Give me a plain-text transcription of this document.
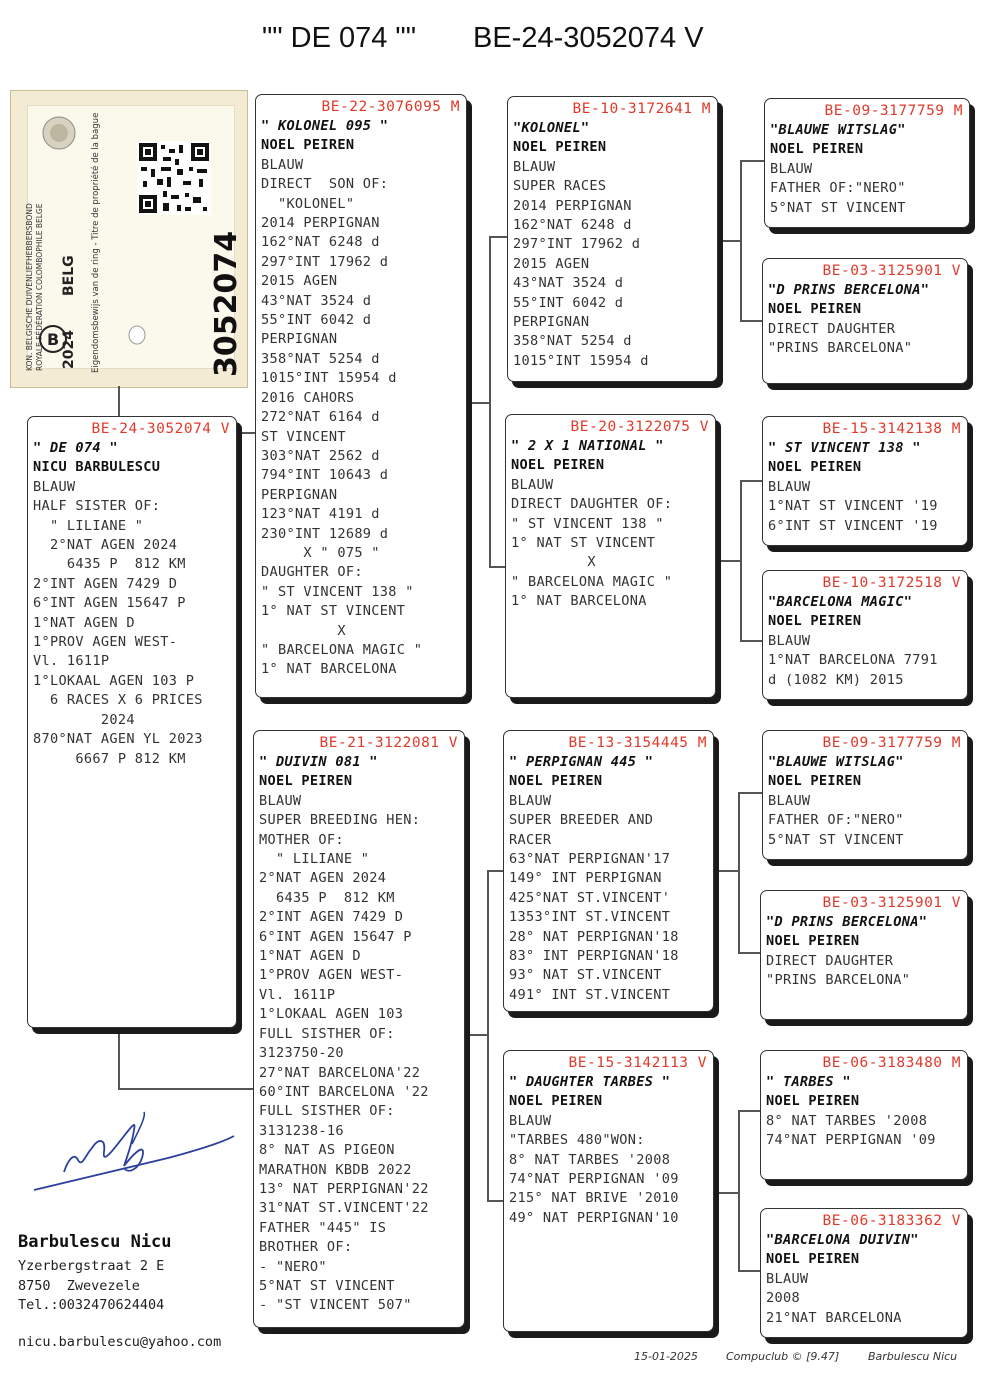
"" DE 074 "" BE-24-3052074 V
B	3052074
BELG
2024
KON. BELGISCHE DUIVENLIEFHEBBERSBOND ROYALE FÉDÉRATION COLOMBOPHILE BELGE	Eigendomsbewijs van de ring - Titre de propriété de la bague
BE-24-3052074 V
" DE 074 "
NICU BARBULESCU
BLAUW
HALF SISTER OF:
" LILIANE "
2°NAT AGEN 2024
6435 P  812 KM
2°INT AGEN 7429 D
6°INT AGEN 15647 P
1°NAT AGEN D
1°PROV AGEN WEST-
Vl. 1611P
1°LOKAAL AGEN 103 P
6 RACES X 6 PRICES
2024
870°NAT AGEN YL 2023
6667 P 812 KM
BE-22-3076095 M
" KOLONEL 095 "
NOEL PEIREN
BLAUW
DIRECT  SON OF:
"KOLONEL"
2014 PERPIGNAN
162°NAT 6248 d
297°INT 17962 d
2015 AGEN
43°NAT 3524 d
55°INT 6042 d
PERPIGNAN
358°NAT 5254 d
1015°INT 15954 d
2016 CAHORS
272°NAT 6164 d
ST VINCENT
303°NAT 2562 d
794°INT 10643 d
PERPIGNAN
123°NAT 4191 d
230°INT 12689 d
X " 075 "
DAUGHTER OF:
" ST VINCENT 138 "
1° NAT ST VINCENT
X
" BARCELONA MAGIC "
1° NAT BARCELONA
BE-21-3122081 V
" DUIVIN 081 "
NOEL PEIREN
BLAUW
SUPER BREEDING HEN:
MOTHER OF:
" LILIANE "
2°NAT AGEN 2024
6435 P  812 KM
2°INT AGEN 7429 D
6°INT AGEN 15647 P
1°NAT AGEN D
1°PROV AGEN WEST-
Vl. 1611P
1°LOKAAL AGEN 103
FULL SISTHER OF:
3123750-20
27°NAT BARCELONA'22
60°INT BARCELONA '22
FULL SISTHER OF:
3131238-16
8° NAT AS PIGEON
MARATHON KBDB 2022
13° NAT PERPIGNAN'22
31°NAT ST.VINCENT'22
FATHER "445" IS
BROTHER OF:
- "NERO"
5°NAT ST VINCENT
- "ST VINCENT 507"
BE-10-3172641 M
"KOLONEL"
NOEL PEIREN
BLAUW
SUPER RACES
2014 PERPIGNAN
162°NAT 6248 d
297°INT 17962 d
2015 AGEN
43°NAT 3524 d
55°INT 6042 d
PERPIGNAN
358°NAT 5254 d
1015°INT 15954 d
BE-20-3122075 V
" 2 X 1 NATIONAL "
NOEL PEIREN
BLAUW
DIRECT DAUGHTER OF:
" ST VINCENT 138 "
1° NAT ST VINCENT
X
" BARCELONA MAGIC "
1° NAT BARCELONA
BE-13-3154445 M
" PERPIGNAN 445 "
NOEL PEIREN
BLAUW
SUPER BREEDER AND
RACER
63°NAT PERPIGNAN'17
149° INT PERPIGNAN
425°NAT ST.VINCENT'
1353°INT ST.VINCENT
28° NAT PERPIGNAN'18
83° INT PERPIGNAN'18
93° NAT ST.VINCENT
491° INT ST.VINCENT
BE-15-3142113 V
" DAUGHTER TARBES "
NOEL PEIREN
BLAUW
"TARBES 480"WON:
8° NAT TARBES '2008
74°NAT PERPIGNAN '09
215° NAT BRIVE '2010
49° NAT PERPIGNAN'10
BE-09-3177759 M
"BLAUWE WITSLAG"
NOEL PEIREN
BLAUW
FATHER OF:"NERO"
5°NAT ST VINCENT
BE-03-3125901 V
"D PRINS BERCELONA"
NOEL PEIREN
DIRECT DAUGHTER
"PRINS BARCELONA"
BE-15-3142138 M
" ST VINCENT 138 "
NOEL PEIREN
BLAUW
1°NAT ST VINCENT '19
6°INT ST VINCENT '19
BE-10-3172518 V
"BARCELONA MAGIC"
NOEL PEIREN
BLAUW
1°NAT BARCELONA 7791
d (1082 KM) 2015
BE-09-3177759 M
"BLAUWE WITSLAG"
NOEL PEIREN
BLAUW
FATHER OF:"NERO"
5°NAT ST VINCENT
BE-03-3125901 V
"D PRINS BERCELONA"
NOEL PEIREN
DIRECT DAUGHTER
"PRINS BARCELONA"
BE-06-3183480 M
" TARBES "
NOEL PEIREN
8° NAT TARBES '2008
74°NAT PERPIGNAN '09
BE-06-3183362 V
"BARCELONA DUIVIN"
NOEL PEIREN
BLAUW
2008
21°NAT BARCELONA
Barbulescu Nicu
Yzerbergstraat 2 E
8750  Zwevezele
Tel.:0032470624404
nicu.barbulescu@yahoo.com
15-01-2025	Compuclub © [9.47]	Barbulescu Nicu
